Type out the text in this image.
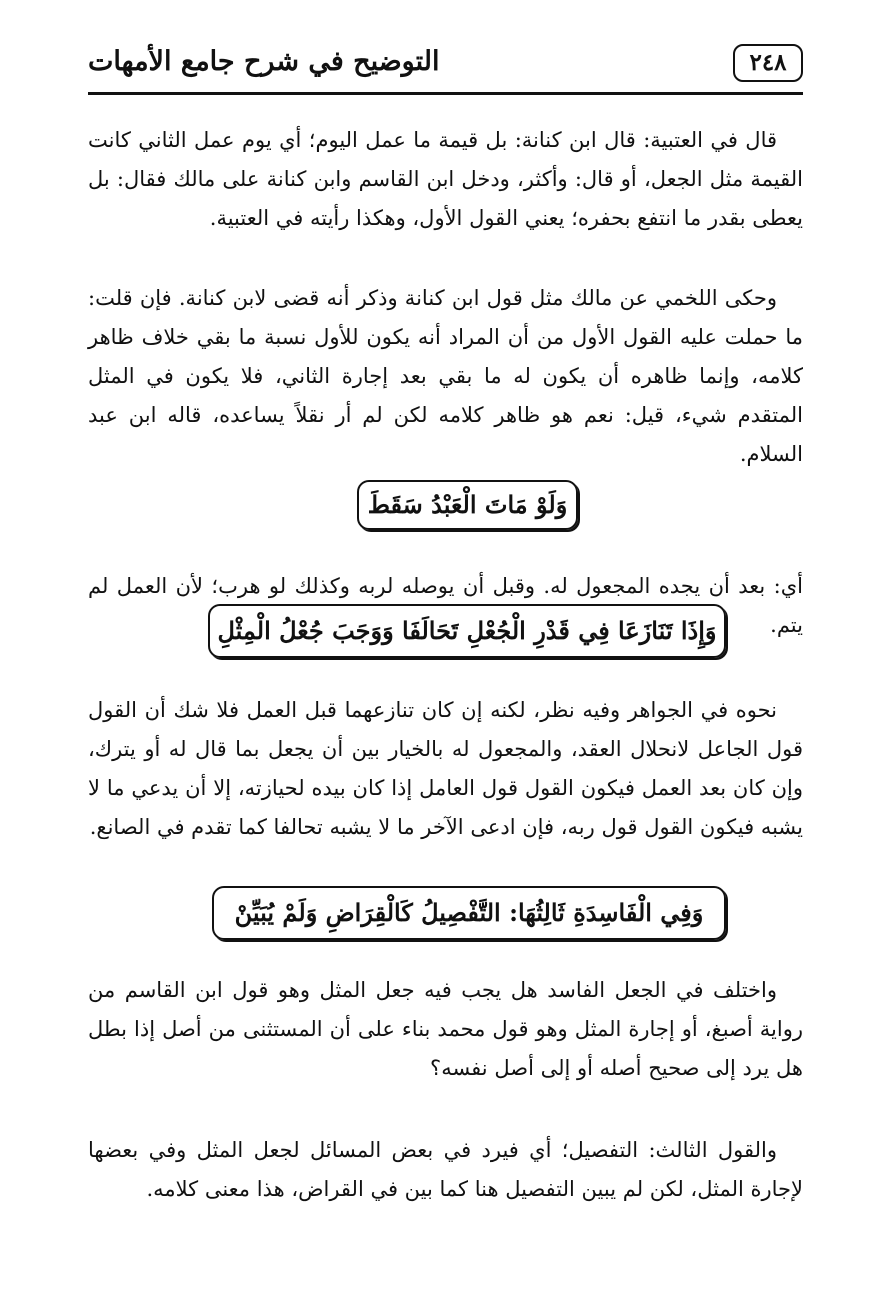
٢٤٨
التوضيح في شرح جامع الأمهات

قال في العتبية: قال ابن كنانة: بل قيمة ما عمل اليوم؛ أي يوم عمل الثاني كانت القيمة مثل الجعل، أو قال: وأكثر، ودخل ابن القاسم وابن كنانة على مالك فقال: بل يعطى بقدر ما انتفع بحفره؛ يعني القول الأول، وهكذا رأيته في العتبية.

وحكى اللخمي عن مالك مثل قول ابن كنانة وذكر أنه قضى لابن كنانة. فإن قلت: ما حملت عليه القول الأول من أن المراد أنه يكون للأول نسبة ما بقي خلاف ظاهر كلامه، وإنما ظاهره أن يكون له ما بقي بعد إجارة الثاني، فلا يكون في المثل المتقدم شيء، قيل: نعم هو ظاهر كلامه لكن لم أر نقلاً يساعده، قاله ابن عبد السلام.

وَلَوْ مَاتَ الْعَبْدُ سَقَطَ

أي: بعد أن يجده المجعول له. وقبل أن يوصله لربه وكذلك لو هرب؛ لأن العمل لم يتم.

وَإِذَا تَنَازَعَا فِي قَدْرِ الْجُعْلِ تَحَالَفَا وَوَجَبَ جُعْلُ الْمِثْلِ

نحوه في الجواهر وفيه نظر، لكنه إن كان تنازعهما قبل العمل فلا شك أن القول قول الجاعل لانحلال العقد، والمجعول له بالخيار بين أن يجعل بما قال له أو يترك، وإن كان بعد العمل فيكون القول قول العامل إذا كان بيده لحيازته، إلا أن يدعي ما لا يشبه فيكون القول قول ربه، فإن ادعى الآخر ما لا يشبه تحالفا كما تقدم في الصانع.

وَفِي الْفَاسِدَةِ ثَالِثُهَا: التَّفْصِيلُ كَالْقِرَاضِ وَلَمْ يُبَيِّنْ

واختلف في الجعل الفاسد هل يجب فيه جعل المثل وهو قول ابن القاسم من رواية أصبغ، أو إجارة المثل وهو قول محمد بناء على أن المستثنى من أصل إذا بطل هل يرد إلى صحيح أصله أو إلى أصل نفسه؟

والقول الثالث: التفصيل؛ أي فيرد في بعض المسائل لجعل المثل وفي بعضها لإجارة المثل، لكن لم يبين التفصيل هنا كما بين في القراض، هذا معنى كلامه.
